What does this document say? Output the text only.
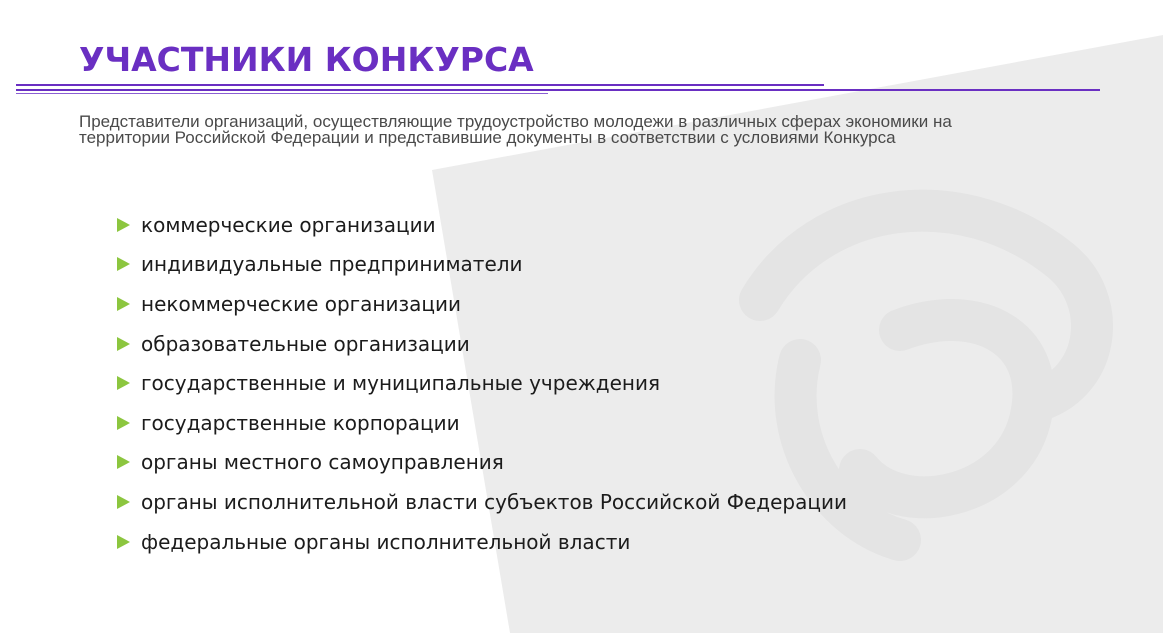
УЧАСТНИКИ КОНКУРСА

Представители организаций, осуществляющие трудоустройство молодежи в различных сферах экономики на территории Российской Федерации и представившие документы в соответствии с условиями Конкурса

коммерческие организации
индивидуальные предприниматели
некоммерческие организации
образовательные организации
государственные и муниципальные учреждения
государственные корпорации
органы местного самоуправления
органы исполнительной власти субъектов Российской Федерации
федеральные органы исполнительной власти
